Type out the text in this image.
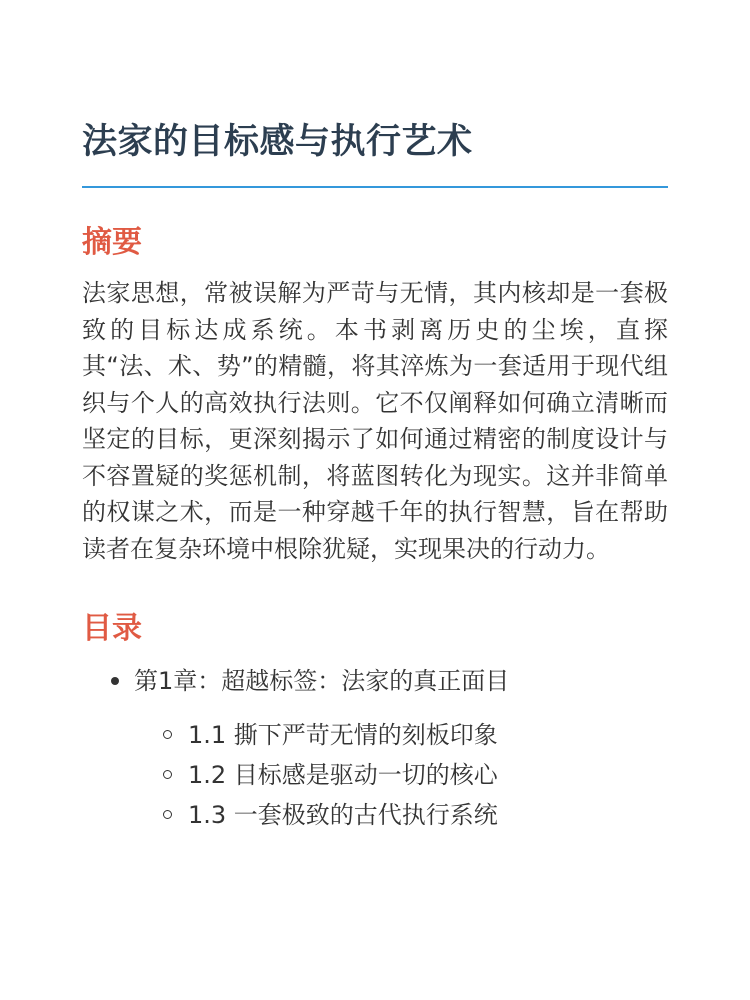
法家的目标感与执行艺术
摘要

法家思想，常被误解为严苛与无情，其内核却是一套极致的目标达成系统。本书剥离历史的尘埃，直探其“法、术、势”的精髓，将其淬炼为一套适用于现代组织与个人的高效执行法则。它不仅阐释如何确立清晰而坚定的目标，更深刻揭示了如何通过精密的制度设计与不容置疑的奖惩机制，将蓝图转化为现实。这并非简单的权谋之术，而是一种穿越千年的执行智慧，旨在帮助读者在复杂环境中根除犹疑，实现果决的行动力。

目录
第1章：超越标签：法家的真正面目
1.1 撕下严苛无情的刻板印象
1.2 目标感是驱动一切的核心
1.3 一套极致的古代执行系统
